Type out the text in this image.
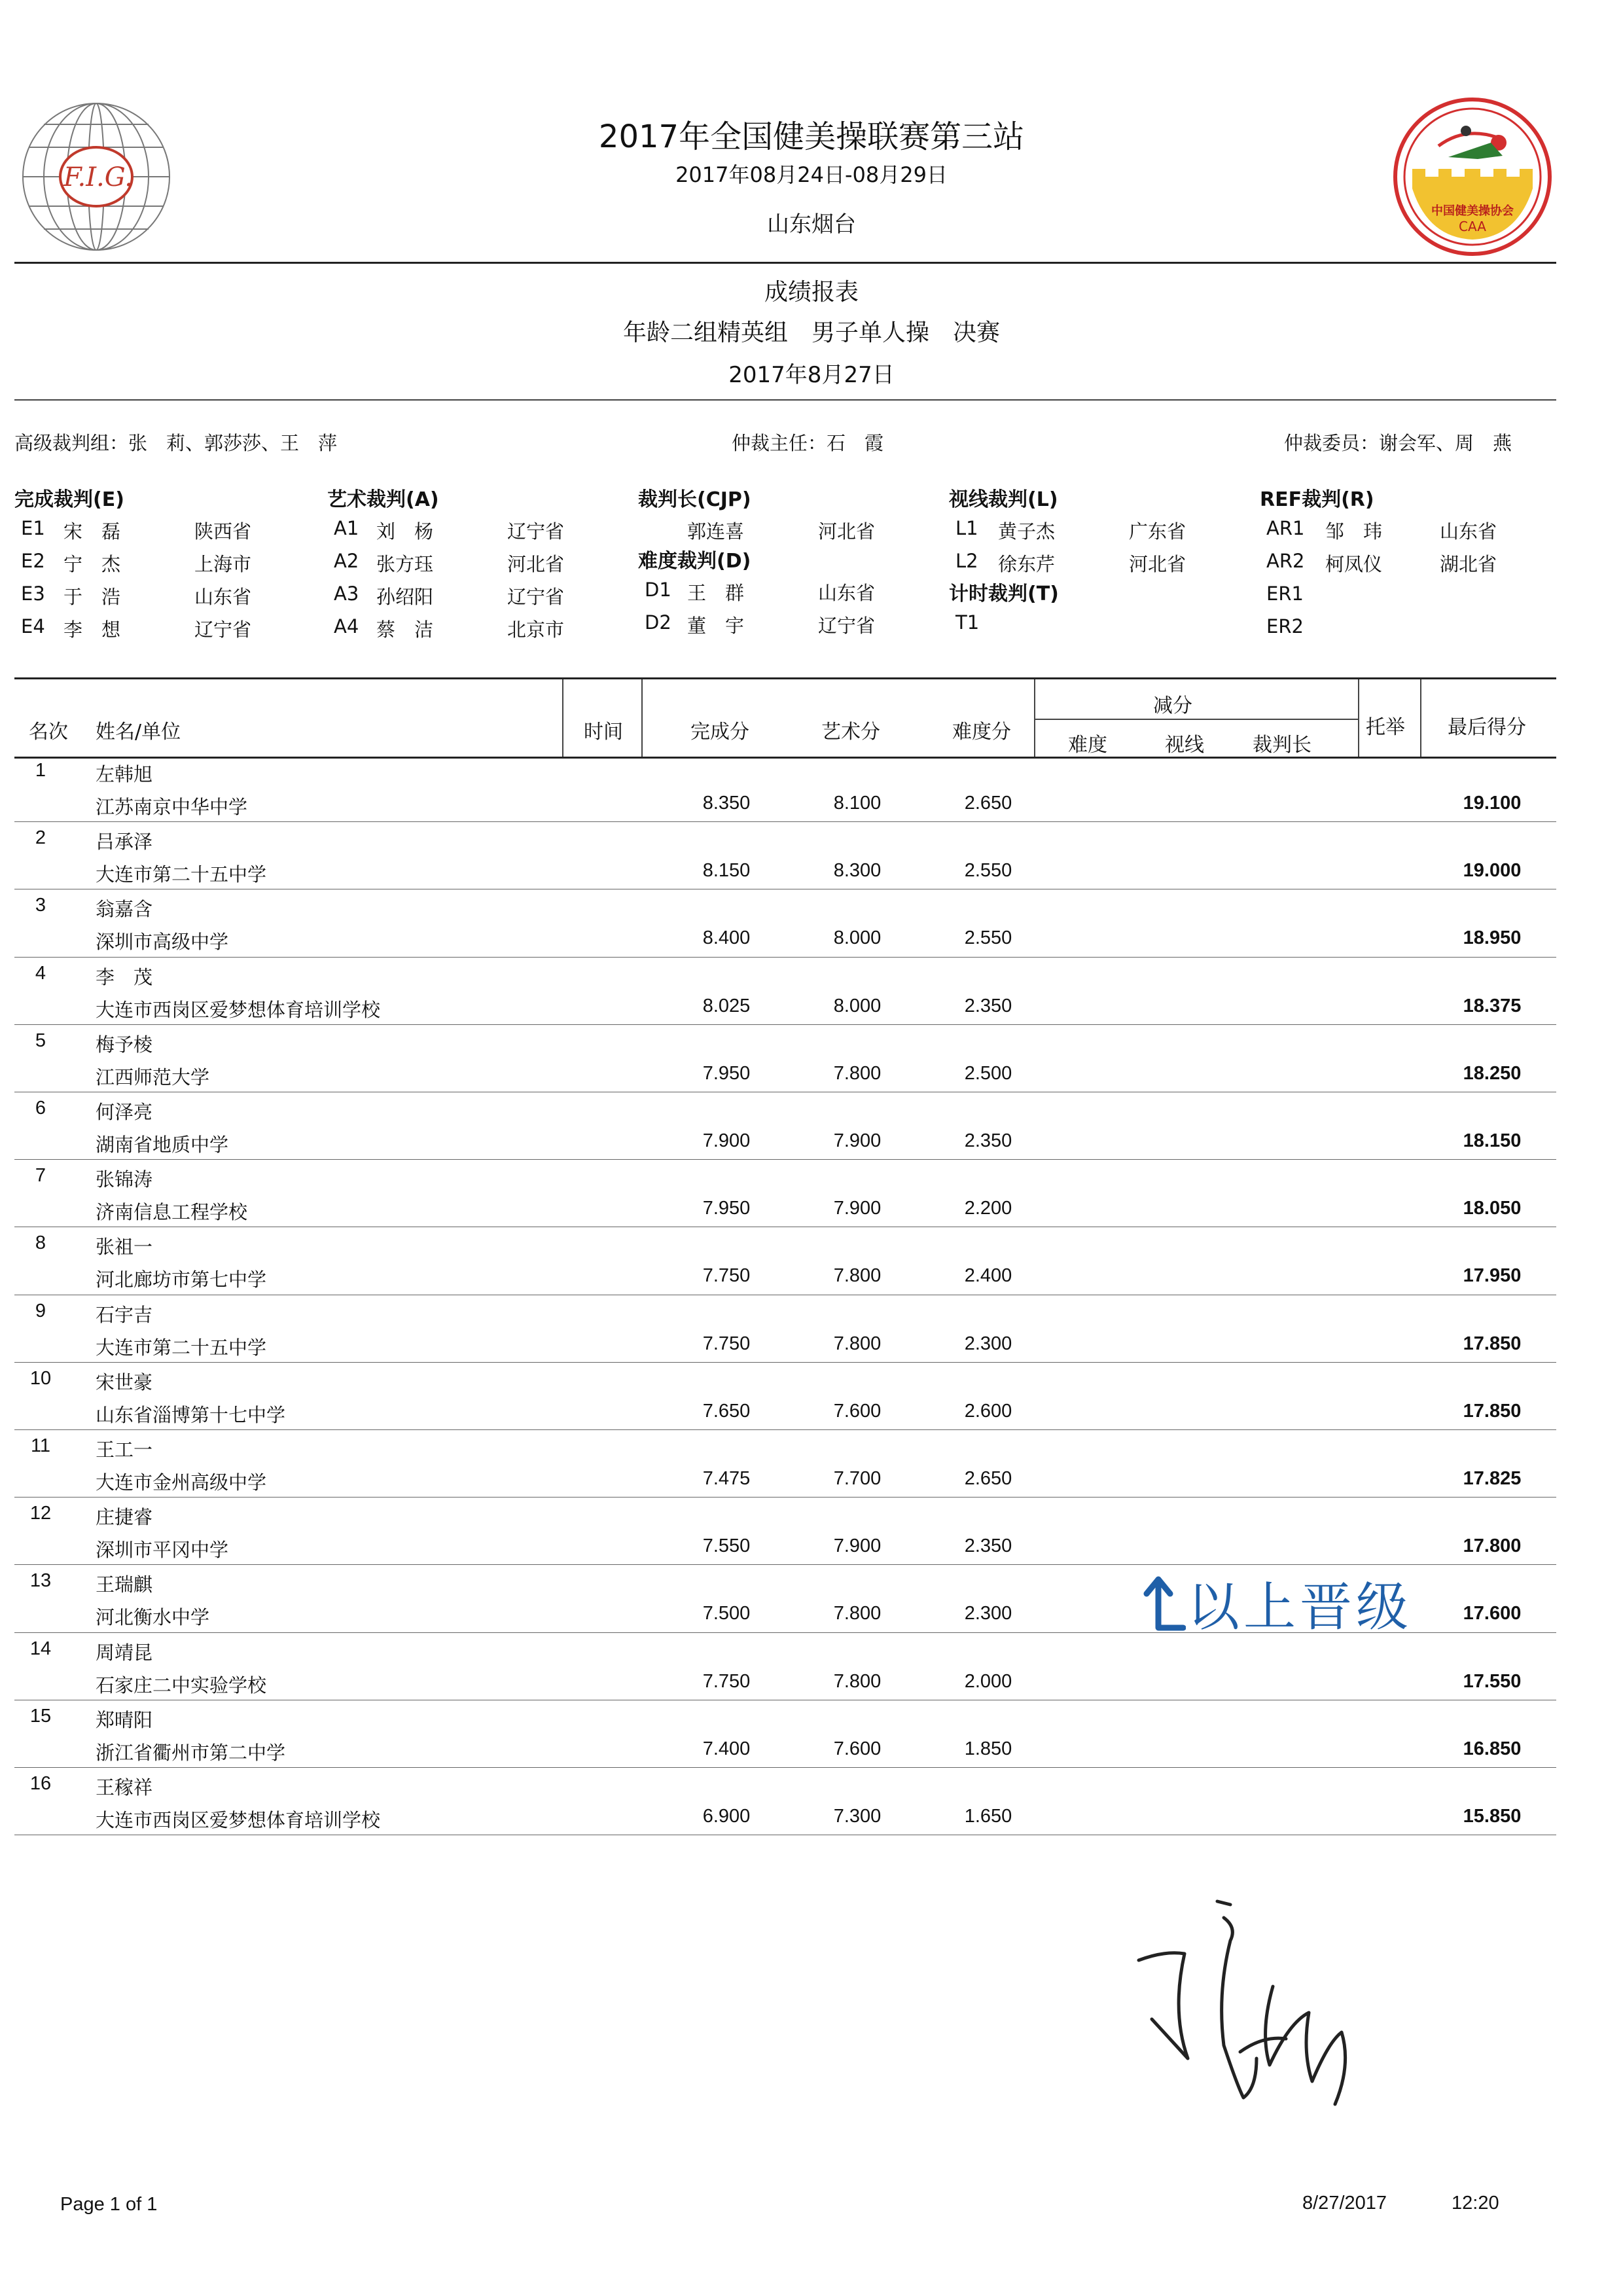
F.I.G.
中国健美操协会
CAA
2017年全国健美操联赛第三站
2017年08月24日-08月29日
山东烟台
成绩报表
年龄二组精英组　男子单人操　决赛
2017年8月27日
高级裁判组：张　莉、郭莎莎、王　萍	仲裁主任：石　霞	仲裁委员：谢会军、周　燕
完成裁判(E)
E1 宋　磊	陕西省
E2 宁　杰	上海市
E3 于　浩	山东省
E4 李　想	辽宁省
艺术裁判(A)
A1 刘　杨	辽宁省
A2 张方珏	河北省
A3 孙绍阳	辽宁省
A4 蔡　洁	北京市
裁判长(CJP)
郭连喜	河北省
难度裁判(D)
D1 王　群	山东省
D2 董　宇	辽宁省
视线裁判(L)
L1 黄子杰	广东省
L2 徐东芹	河北省
计时裁判(T)
T1
REF裁判(R)
AR1 邹　玮	山东省
AR2 柯凤仪	湖北省
ER1
ER2
名次 姓名/单位	时间	完成分	艺术分	难度分
减分
难度	视线 裁判长
托举 最后得分
1	左韩旭
江苏南京中华中学	8.350	8.100	2.650	19.100
2	吕承泽
大连市第二十五中学	8.150	8.300	2.550	19.000
3	翁嘉含
深圳市高级中学	8.400	8.000	2.550	18.950
4	李　茂
大连市西岗区爱梦想体育培训学校	8.025	8.000	2.350	18.375
5	梅予棱
江西师范大学	7.950	7.800	2.500	18.250
6	何泽亮
湖南省地质中学	7.900	7.900	2.350	18.150
7	张锦涛
济南信息工程学校	7.950	7.900	2.200	18.050
8	张祖一
河北廊坊市第七中学	7.750	7.800	2.400	17.950
9	石宇吉
大连市第二十五中学	7.750	7.800	2.300	17.850
10	宋世豪
山东省淄博第十七中学	7.650	7.600	2.600	17.850
11	王工一
大连市金州高级中学	7.475	7.700	2.650	17.825
12	庄捷睿
深圳市平冈中学	7.550	7.900	2.350	17.800
13	王瑞麒
河北衡水中学	7.500	7.800	2.300	17.600
14	周靖昆
石家庄二中实验学校	7.750	7.800	2.000	17.550
15	郑晴阳
浙江省衢州市第二中学	7.400	7.600	1.850	16.850
16	王稼祥
大连市西岗区爱梦想体育培训学校	6.900	7.300	1.650	15.850
以上晋级
Page 1 of 1	8/27/2017	12:20
